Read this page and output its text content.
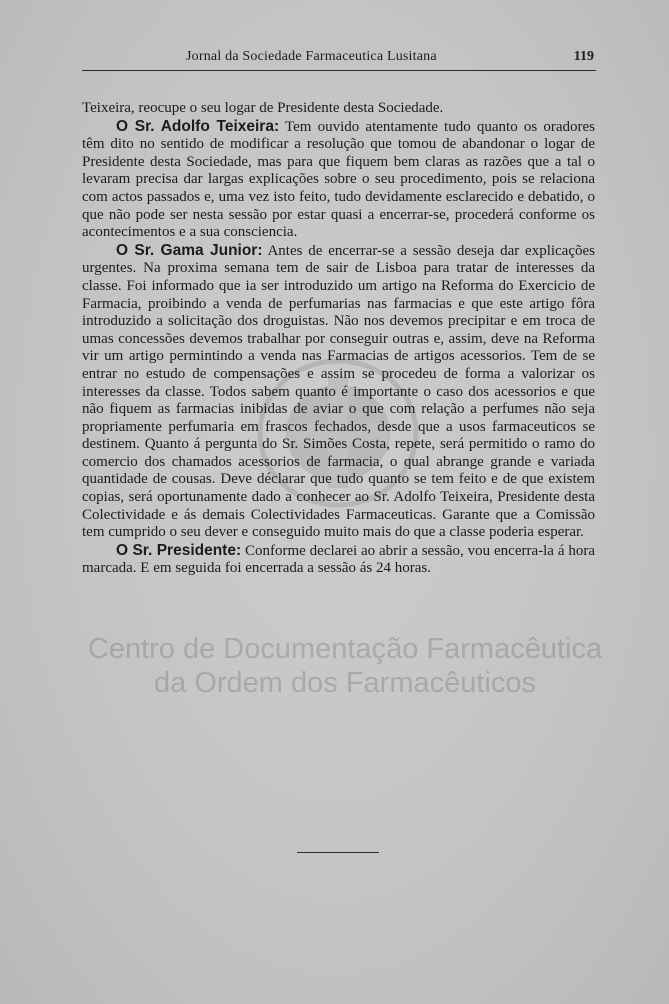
Jornal da Sociedade Farmaceutica Lusitana	119

Teixeira, reocupe o seu logar de Presidente desta Sociedade.

O Sr. Adolfo Teixeira: Tem ouvido atentamente tudo quanto os oradores têm dito no sentido de modificar a resolução que tomou de abandonar o logar de Presidente desta Sociedade, mas para que fiquem bem claras as razões que a tal o levaram precisa dar largas explicações sobre o seu procedimento, pois se relaciona com actos passados e, uma vez isto feito, tudo devidamente esclarecido e debatido, o que não pode ser nesta sessão por estar quasi a encerrar-se, procederá conforme os acontecimentos e a sua consciencia.

O Sr. Gama Junior: Antes de encerrar-se a sessão deseja dar explicações urgentes. Na proxima semana tem de sair de Lisboa para tratar de interesses da classe. Foi informado que ia ser introduzido um artigo na Reforma do Exercicio de Farmacia, proibindo a venda de perfumarias nas farmacias e que este artigo fôra introduzido a solicitação dos droguistas. Não nos devemos precipitar e em troca de umas concessões devemos trabalhar por conseguir outras e, assim, deve na Reforma vir um artigo permintindo a venda nas Farmacias de artigos acessorios. Tem de se entrar no estudo de compensações e assim se procedeu de forma a valorizar os interesses da classe. Todos sabem quanto é importante o caso dos acessorios e que não fiquem as farmacias inibidas de aviar o que com relação a perfumes não seja propriamente perfumaria em frascos fechados, desde que a usos farmaceuticos se destinem. Quanto á pergunta do Sr. Simões Costa, repete, será permitido o ramo do comercio dos chamados acessorios de farmacia, o qual abrange grande e variada quantidade de cousas. Deve déclarar que tudo quanto se tem feito e de que existem copias, será oportunamente dado a conhecer ao Sr. Adolfo Teixeira, Presidente desta Colectividade e ás demais Colectividades Farmaceuticas. Garante que a Comissão tem cumprido o seu dever e conseguido muito mais do que a classe poderia esperar.

O Sr. Presidente: Conforme declarei ao abrir a sessão, vou encerra-la á hora marcada. E em seguida foi encerrada a sessão ás 24 horas.

Centro de Documentação Farmacêutica
da Ordem dos Farmacêuticos
